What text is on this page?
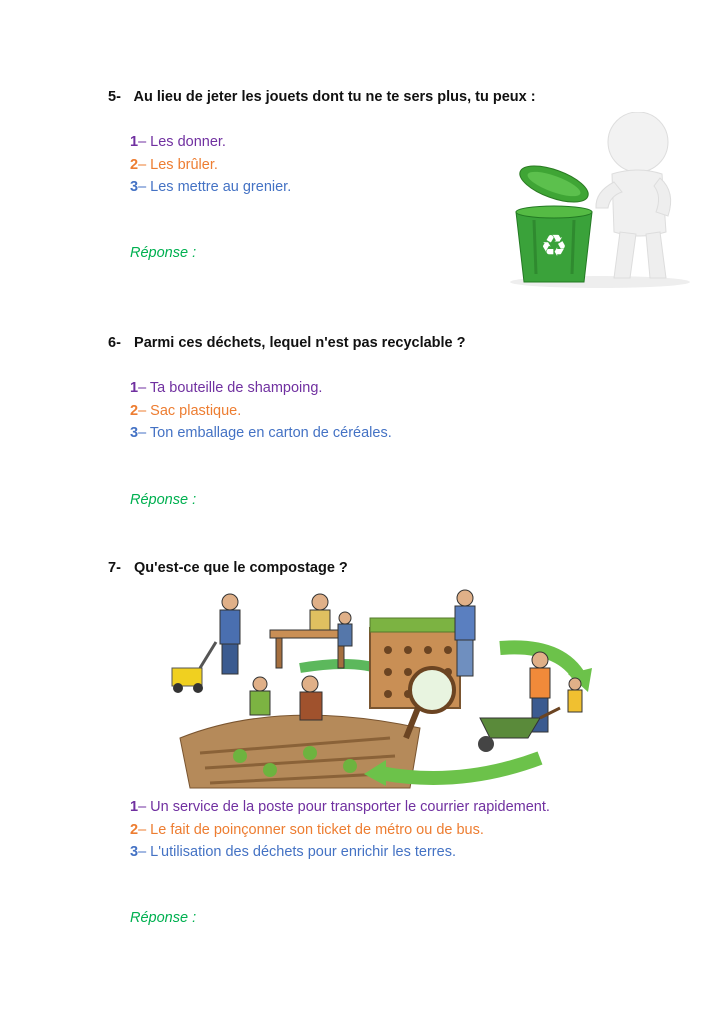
5- Au lieu de jeter les jouets dont tu ne te sers plus, tu peux :
1– Les donner.
2– Les brûler.
3– Les mettre au grenier.
Réponse :	♻
6- Parmi ces déchets, lequel n'est pas recyclable ?
1– Ta bouteille de shampoing.
2– Sac plastique.
3– Ton emballage en carton de céréales.
Réponse :
7- Qu'est-ce que le compostage ?
1– Un service de la poste pour transporter le courrier rapidement.
2– Le fait de poinçonner son ticket de métro ou de bus.
3– L'utilisation des déchets pour enrichir les terres.
Réponse :
